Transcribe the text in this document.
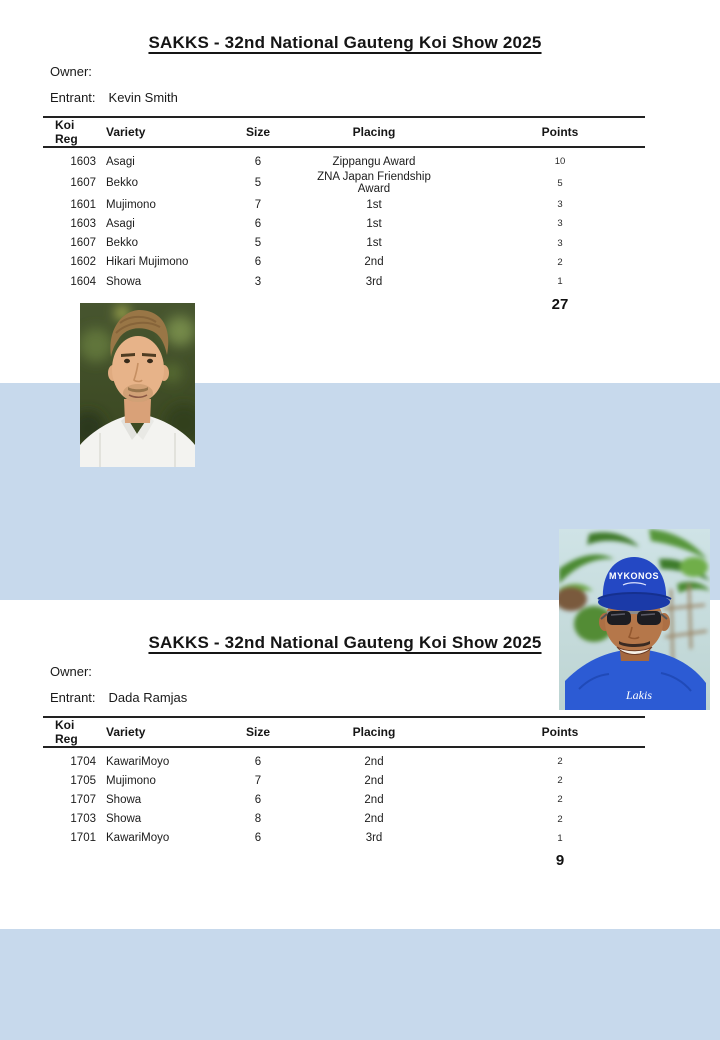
SAKKS - 32nd National Gauteng Koi Show 2025
Owner:
Entrant: Kevin Smith
Koi Reg	Variety	Size	Placing	Points
1603	Asagi	6	Zippangu Award	10
1607	Bekko	5	ZNA Japan Friendship Award	5
1601	Mujimono	7	1st	3
1603	Asagi	6	1st	3
1607	Bekko	5	1st	3
1602	Hikari Mujimono	6	2nd	2
1604	Showa	3	3rd	1
				27
SAKKS - 32nd National Gauteng Koi Show 2025
Owner:
Entrant: Dada Ramjas
Koi Reg	Variety	Size	Placing	Points
1704	KawariMoyo	6	2nd	2
1705	Mujimono	7	2nd	2
1707	Showa	6	2nd	2
1703	Showa	8	2nd	2
1701	KawariMoyo	6	3rd	1
				9
Lakis
MYKONOS
